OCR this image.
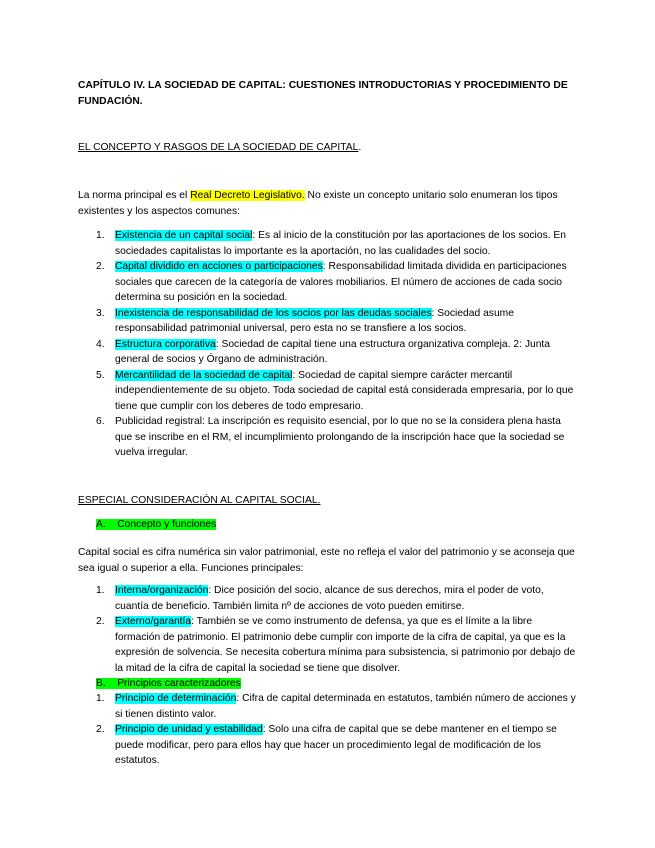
CAPÍTULO IV. LA SOCIEDAD DE CAPITAL: CUESTIONES INTRODUCTORIAS Y PROCEDIMIENTO DE FUNDACIÓN.
EL CONCEPTO Y RASGOS DE LA SOCIEDAD DE CAPITAL.
La norma principal es el Real Decreto Legislativo. No existe un concepto unitario solo enumeran los tipos existentes y los aspectos comunes:
1. Existencia de un capital social: Es al inicio de la constitución por las aportaciones de los socios. En sociedades capitalistas lo importante es la aportación, no las cualidades del socio.
2. Capital dividido en acciones o participaciones: Responsabilidad limitada dividida en participaciones sociales que carecen de la categoría de valores mobiliarios. El número de acciones de cada socio determina su posición en la sociedad.
3. Inexistencia de responsabilidad de los socios por las deudas sociales: Sociedad asume responsabilidad patrimonial universal, pero esta no se transfiere a los socios.
4. Estructura corporativa: Sociedad de capital tiene una estructura organizativa compleja. 2: Junta general de socios y Órgano de administración.
5. Mercantilidad de la sociedad de capital: Sociedad de capital siempre carácter mercantil independientemente de su objeto. Toda sociedad de capital está considerada empresaria, por lo que tiene que cumplir con los deberes de todo empresario.
6. Publicidad registral: La inscripción es requisito esencial, por lo que no se la considera plena hasta que se inscribe en el RM, el incumplimiento prolongando de la inscripción hace que la sociedad se vuelva irregular.
ESPECIAL CONSIDERACIÓN AL CAPITAL SOCIAL.
A. Concepto y funciones
Capital social es cifra numérica sin valor patrimonial, este no refleja el valor del patrimonio y se aconseja que sea igual o superior a ella. Funciones principales:
1. Interna/organización: Dice posición del socio, alcance de sus derechos, mira el poder de voto, cuantía de beneficio. También limita nº de acciones de voto pueden emitirse.
2. Externo/garantía: También se ve como instrumento de defensa, ya que es el límite a la libre formación de patrimonio. El patrimonio debe cumplir con importe de la cifra de capital, ya que es la expresión de solvencia. Se necesita cobertura mínima para subsistencia, si patrimonio por debajo de la mitad de la cifra de capital la sociedad se tiene que disolver.
B. Principios caracterizadores
1. Principio de determinación: Cifra de capital determinada en estatutos, también número de acciones y si tienen distinto valor.
2. Principio de unidad y estabilidad: Solo una cifra de capital que se debe mantener en el tiempo se puede modificar, pero para ellos hay que hacer un procedimiento legal de modificación de los estatutos.
